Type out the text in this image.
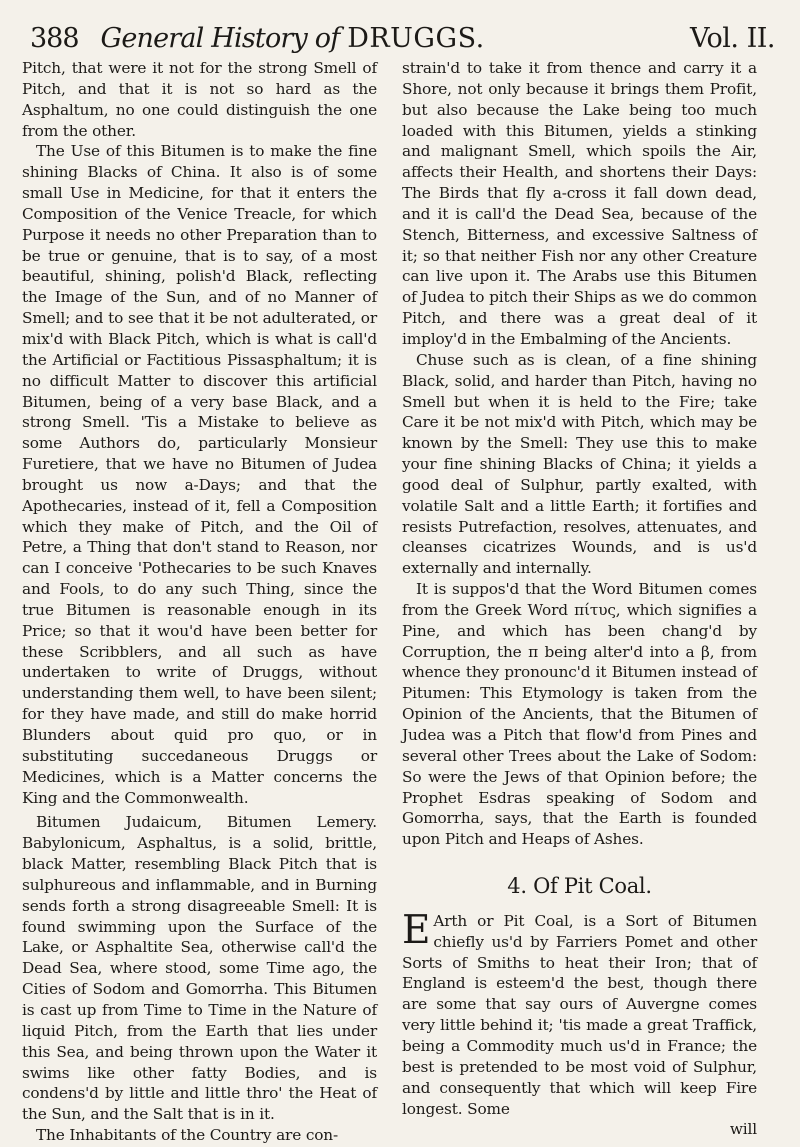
388 General History of DRUGGS.	Vol. II.

Pitch, that were it not for the strong Smell of Pitch, and that it is not so hard as the Asphaltum, no one could distinguish the one from the other.

The Use of this Bitumen is to make the fine shining Blacks of China. It also is of some small Use in Medicine, for that it enters the Composition of the Venice Treacle, for which Purpose it needs no other Preparation than to be true or genuine, that is to say, of a most beautiful, shining, polish'd Black, reflecting the Image of the Sun, and of no Manner of Smell; and to see that it be not adulterated, or mix'd with Black Pitch, which is what is call'd the Artificial or Factitious Pissasphaltum; it is no difficult Matter to discover this artificial Bitumen, being of a very base Black, and a strong Smell. 'Tis a Mistake to believe as some Authors do, particularly Monsieur Furetiere, that we have no Bitumen of Judea brought us now a-Days; and that the Apothecaries, instead of it, fell a Composition which they make of Pitch, and the Oil of Petre, a Thing that don't stand to Reason, nor can I conceive 'Pothecaries to be such Knaves and Fools, to do any such Thing, since the true Bitumen is reasonable enough in its Price; so that it wou'd have been better for these Scribblers, and all such as have undertaken to write of Druggs, without understanding them well, to have been silent; for they have made, and still do make horrid Blunders about quid pro quo, or in substituting succedaneous Druggs or Medicines, which is a Matter concerns the King and the Commonwealth.

Bitumen Judaicum, Bitumen Lemery. Babylonicum, Asphaltus, is a solid, brittle, black Matter, resembling Black Pitch that is sulphureous and inflammable, and in Burning sends forth a strong disagreeable Smell: It is found swimming upon the Surface of the Lake, or Asphaltite Sea, otherwise call'd the Dead Sea, where stood, some Time ago, the Cities of Sodom and Gomorrha. This Bitumen is cast up from Time to Time in the Nature of liquid Pitch, from the Earth that lies under this Sea, and being thrown upon the Water it swims like other fatty Bodies, and is condens'd by little and little thro' the Heat of the Sun, and the Salt that is in it.

The Inhabitants of the Country are con-

strain'd to take it from thence and carry it a Shore, not only because it brings them Profit, but also because the Lake being too much loaded with this Bitumen, yields a stinking and malignant Smell, which spoils the Air, affects their Health, and shortens their Days: The Birds that fly a-cross it fall down dead, and it is call'd the Dead Sea, because of the Stench, Bitterness, and excessive Saltness of it; so that neither Fish nor any other Creature can live upon it. The Arabs use this Bitumen of Judea to pitch their Ships as we do common Pitch, and there was a great deal of it imploy'd in the Embalming of the Ancients.

Chuse such as is clean, of a fine shining Black, solid, and harder than Pitch, having no Smell but when it is held to the Fire; take Care it be not mix'd with Pitch, which may be known by the Smell: They use this to make your fine shining Blacks of China; it yields a good deal of Sulphur, partly exalted, with volatile Salt and a little Earth; it fortifies and resists Putrefaction, resolves, attenuates, and cleanses cicatrizes Wounds, and is us'd externally and internally.

It is suppos'd that the Word Bitumen comes from the Greek Word πίτυς, which signifies a Pine, and which has been chang'd by Corruption, the π being alter'd into a β, from whence they pronounc'd it Bitumen instead of Pitumen: This Etymology is taken from the Opinion of the Ancients, that the Bitumen of Judea was a Pitch that flow'd from Pines and several other Trees about the Lake of Sodom: So were the Jews of that Opinion before; the Prophet Esdras speaking of Sodom and Gomorrha, says, that the Earth is founded upon Pitch and Heaps of Ashes.

4. Of Pit Coal.

E Arth or Pit Coal, is a Sort of Bitumen chiefly us'd by Farriers Pomet and other Sorts of Smiths to heat their Iron; that of England is esteem'd the best, though there are some that say ours of Auvergne comes very little behind it; 'tis made a great Traffick, being a Commodity much us'd in France; the best is pretended to be most void of Sulphur, and consequently that which will keep Fire longest. Some

will
